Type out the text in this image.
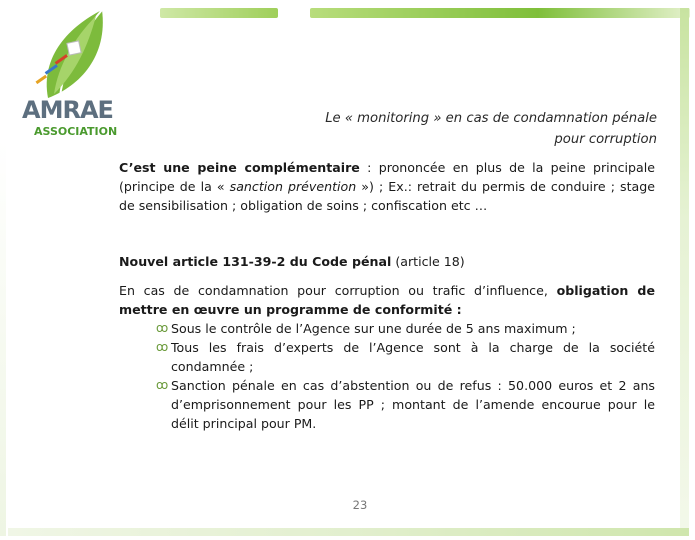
AMRAE
ASSOCIATION
Le « monitoring » en cas de condamnation pénale
pour corruption
C’est une peine complémentaire : prononcée en plus de la peine principale (principe de la « sanction prévention ») ; Ex.: retrait du permis de conduire ; stage de sensibilisation ; obligation de soins ; confiscation etc …
Nouvel article 131-39-2 du Code pénal (article 18)
En cas de condamnation pour corruption ou trafic d’influence, obligation de mettre en œuvre un programme de conformité :
ꝏ Sous le contrôle de l’Agence sur une durée de 5 ans maximum ;
ꝏ Tous les frais d’experts de l’Agence sont à la charge de la société condamnée ;
ꝏ Sanction pénale en cas d’abstention ou de refus : 50.000 euros et 2 ans d’emprisonnement pour les PP ; montant de l’amende encourue pour le délit principal pour PM.
23
